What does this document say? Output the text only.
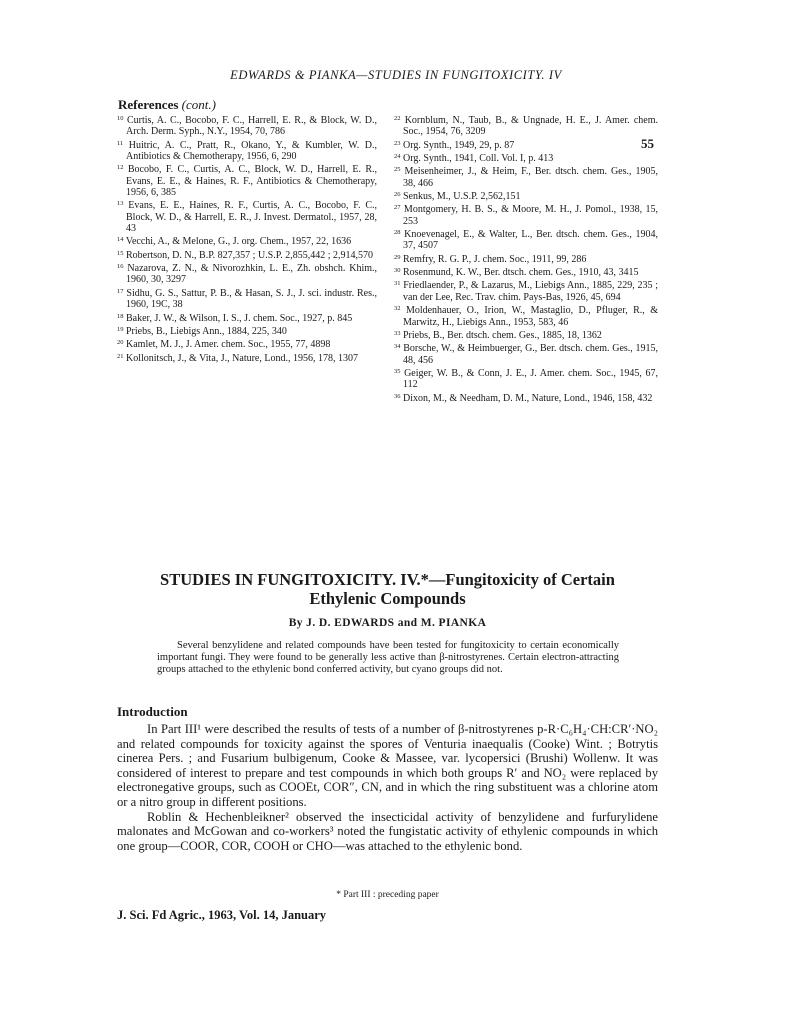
EDWARDS & PIANKA—STUDIES IN FUNGITOXICITY. IV
55
References (cont.)
$^{10}$ Curtis, A. C., Bocobo, F. C., Harrell, E. R., & Block, W. D., Arch. Derm. Syph., N.Y., 1954, 70, 786
$^{11}$ Huitric, A. C., Pratt, R., Okano, Y., & Kumbler, W. D., Antibiotics & Chemotherapy, 1956, 6, 290
$^{12}$ Bocobo, F. C., Curtis, A. C., Block, W. D., Harrell, E. R., Evans, E. E., & Haines, R. F., Antibiotics & Chemotherapy, 1956, 6, 385
$^{13}$ Evans, E. E., Haines, R. F., Curtis, A. C., Bocobo, F. C., Block, W. D., & Harrell, E. R., J. Invest. Dermatol., 1957, 28, 43
$^{14}$ Vecchi, A., & Melone, G., J. org. Chem., 1957, 22, 1636
$^{15}$ Robertson, D. N., B.P. 827,357 ; U.S.P. 2,855,442 ; 2,914,570
$^{16}$ Nazarova, Z. N., & Nivorozhkin, L. E., Zh. obshch. Khim., 1960, 30, 3297
$^{17}$ Sidhu, G. S., Sattur, P. B., & Hasan, S. J., J. sci. industr. Res., 1960, 19C, 38
$^{18}$ Baker, J. W., & Wilson, I. S., J. chem. Soc., 1927, p. 845
$^{19}$ Priebs, B., Liebigs Ann., 1884, 225, 340
$^{20}$ Kamlet, M. J., J. Amer. chem. Soc., 1955, 77, 4898
$^{21}$ Kollonitsch, J., & Vita, J., Nature, Lond., 1956, 178, 1307
$^{22}$ Kornblum, N., Taub, B., & Ungnade, H. E., J. Amer. chem. Soc., 1954, 76, 3209
$^{23}$ Org. Synth., 1949, 29, p. 87
$^{24}$ Org. Synth., 1941, Coll. Vol. I, p. 413
$^{25}$ Meisenheimer, J., & Heim, F., Ber. dtsch. chem. Ges., 1905, 38, 466
$^{26}$ Senkus, M., U.S.P. 2,562,151
$^{27}$ Montgomery, H. B. S., & Moore, M. H., J. Pomol., 1938, 15, 253
$^{28}$ Knoevenagel, E., & Walter, L., Ber. dtsch. chem. Ges., 1904, 37, 4507
$^{29}$ Remfry, R. G. P., J. chem. Soc., 1911, 99, 286
$^{30}$ Rosenmund, K. W., Ber. dtsch. chem. Ges., 1910, 43, 3415
$^{31}$ Friedlaender, P., & Lazarus, M., Liebigs Ann., 1885, 229, 235 ; van der Lee, Rec. Trav. chim. Pays-Bas, 1926, 45, 694
$^{32}$ Moldenhauer, O., Irion, W., Mastaglio, D., Pfluger, R., & Marwitz, H., Liebigs Ann., 1953, 583, 46
$^{33}$ Priebs, B., Ber. dtsch. chem. Ges., 1885, 18, 1362
$^{34}$ Borsche, W., & Heimbuerger, G., Ber. dtsch. chem. Ges., 1915, 48, 456
$^{35}$ Geiger, W. B., & Conn, J. E., J. Amer. chem. Soc., 1945, 67, 112
$^{36}$ Dixon, M., & Needham, D. M., Nature, Lond., 1946, 158, 432
STUDIES IN FUNGITOXICITY. IV.*—Fungitoxicity of Certain
Ethylenic Compounds
By J. D. EDWARDS and M. PIANKA

Several benzylidene and related compounds have been tested for fungitoxicity to certain economically important fungi. They were found to be generally less active than β-nitrostyrenes. Certain electron-attracting groups attached to the ethylenic bond conferred activity, but cyano groups did not.

Introduction

In Part III¹ were described the results of tests of a number of β-nitrostyrenes p-R·C₆H₄·CH:CR′·NO₂ and related compounds for toxicity against the spores of Venturia inaequalis (Cooke) Wint. ; Botrytis cinerea Pers. ; and Fusarium bulbigenum, Cooke & Massee, var. lycopersici (Brushi) Wollenw. It was considered of interest to prepare and test compounds in which both groups R′ and NO₂ were replaced by electronegative groups, such as COOEt, COR″, CN, and in which the ring substituent was a chlorine atom or a nitro group in different positions.

Roblin & Hechenbleikner² observed the insecticidal activity of benzylidene and furfurylidene malonates and McGowan and co-workers³ noted the fungistatic activity of ethylenic compounds in which one group—COOR, COR, COOH or CHO—was attached to the ethylenic bond.

* Part III : preceding paper
J. Sci. Fd Agric., 1963, Vol. 14, January
